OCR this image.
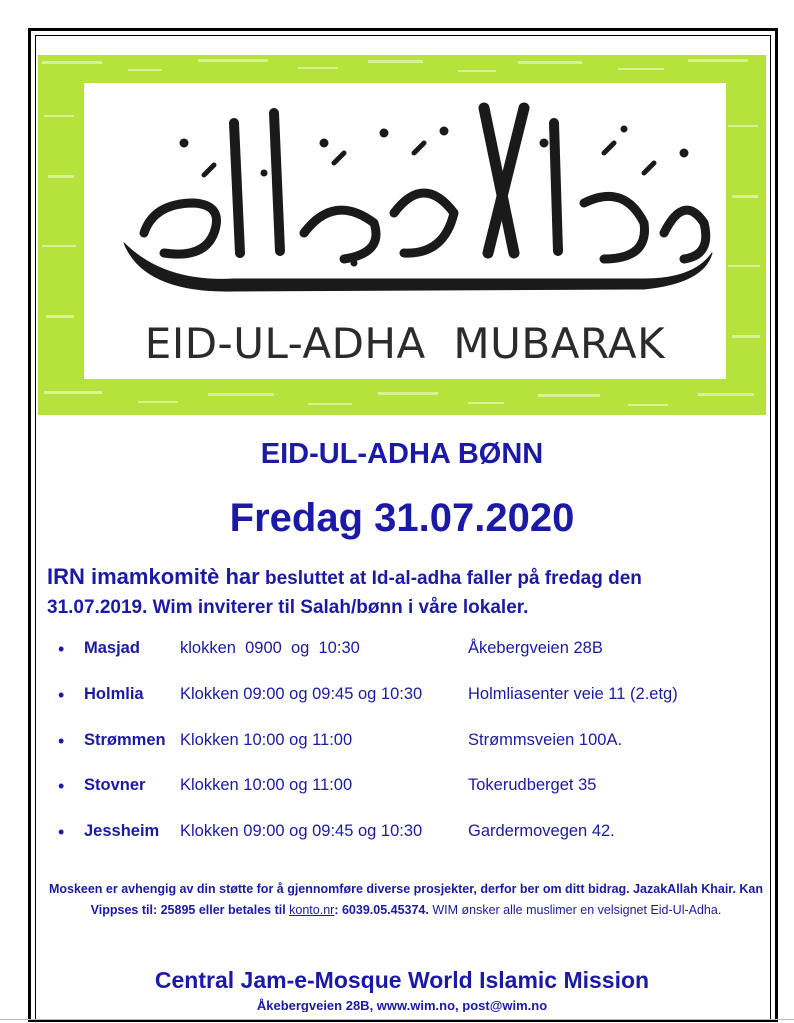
EID-UL-ADHA  MUBARAK
EID-UL-ADHA BØNN
Fredag 31.07.2020
IRN imamkomitè har besluttet at Id-al-adha faller på fredag den 31.07.2019. Wim inviterer til Salah/bønn i våre lokaler.
• Masjad klokken  0900  og  10:30	Åkebergveien 28B
• Holmlia Klokken 09:00 og 09:45 og 10:30	Holmliasenter veie 11 (2.etg)
• Strømmen Klokken 10:00 og 11:00	Strømmsveien 100A.
• Stovner Klokken 10:00 og 11:00	Tokerudberget 35
• Jessheim Klokken 09:00 og 09:45 og 10:30	Gardermovegen 42.
Moskeen er avhengig av din støtte for å gjennomføre diverse prosjekter, derfor ber om ditt bidrag. JazakAllah Khair. Kan
Vippses til: 25895 eller betales til konto.nr: 6039.05.45374. WIM ønsker alle muslimer en velsignet Eid-Ul-Adha.
Central Jam-e-Mosque World Islamic Mission
Åkebergveien 28B, www.wim.no, post@wim.no
